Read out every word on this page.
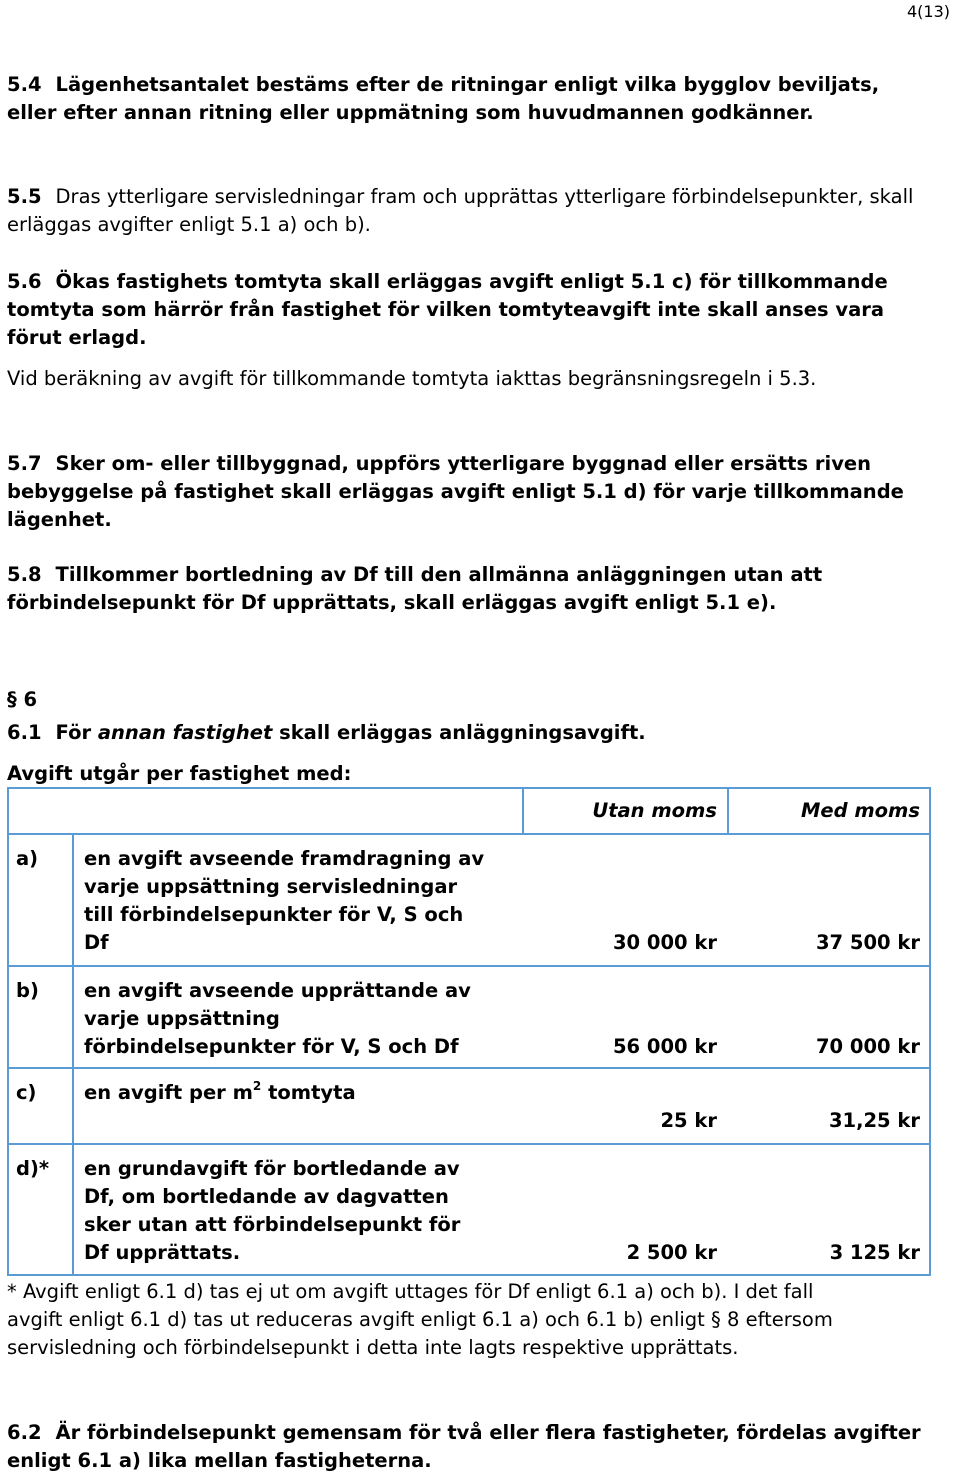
4(13)

5.4 Lägenhetsantalet bestäms efter de ritningar enligt vilka bygglov beviljats, eller efter annan ritning eller uppmätning som huvudmannen godkänner.

5.5 Dras ytterligare servisledningar fram och upprättas ytterligare förbindelsepunkter, skall erläggas avgifter enligt 5.1 a) och b).

5.6 Ökas fastighets tomtyta skall erläggas avgift enligt 5.1 c) för tillkommande tomtyta som härrör från fastighet för vilken tomtyteavgift inte skall anses vara förut erlagd.

Vid beräkning av avgift för tillkommande tomtyta iakttas begränsningsregeln i 5.3.

5.7 Sker om- eller tillbyggnad, uppförs ytterligare byggnad eller ersätts riven bebyggelse på fastighet skall erläggas avgift enligt 5.1 d) för varje tillkommande lägenhet.

5.8 Tillkommer bortledning av Df till den allmänna anläggningen utan att förbindelsepunkt för Df upprättats, skall erläggas avgift enligt 5.1 e).

§ 6

6.1 För annan fastighet skall erläggas anläggningsavgift.

Avgift utgår per fastighet med:

Utan moms	Med moms
a) en avgift avseende framdragning av
varje uppsättning servisledningar
till förbindelsepunkter för V, S och
Df	30 000 kr	37 500 kr
b) en avgift avseende upprättande av
varje uppsättning
förbindelsepunkter för V, S och Df	56 000 kr	70 000 kr
c) en avgift per $m^2$ tomtyta
25 kr	31,25 kr
d)* en grundavgift för bortledande av
Df, om bortledande av dagvatten
sker utan att förbindelsepunkt för
Df upprättats.	2 500 kr	3 125 kr

* Avgift enligt 6.1 d) tas ej ut om avgift uttages för Df enligt 6.1 a) och b). I det fall avgift enligt 6.1 d) tas ut reduceras avgift enligt 6.1 a) och 6.1 b) enligt § 8 eftersom servisledning och förbindelsepunkt i detta inte lagts respektive upprättats.

6.2 Är förbindelsepunkt gemensam för två eller flera fastigheter, fördelas avgifter enligt 6.1 a) lika mellan fastigheterna.
